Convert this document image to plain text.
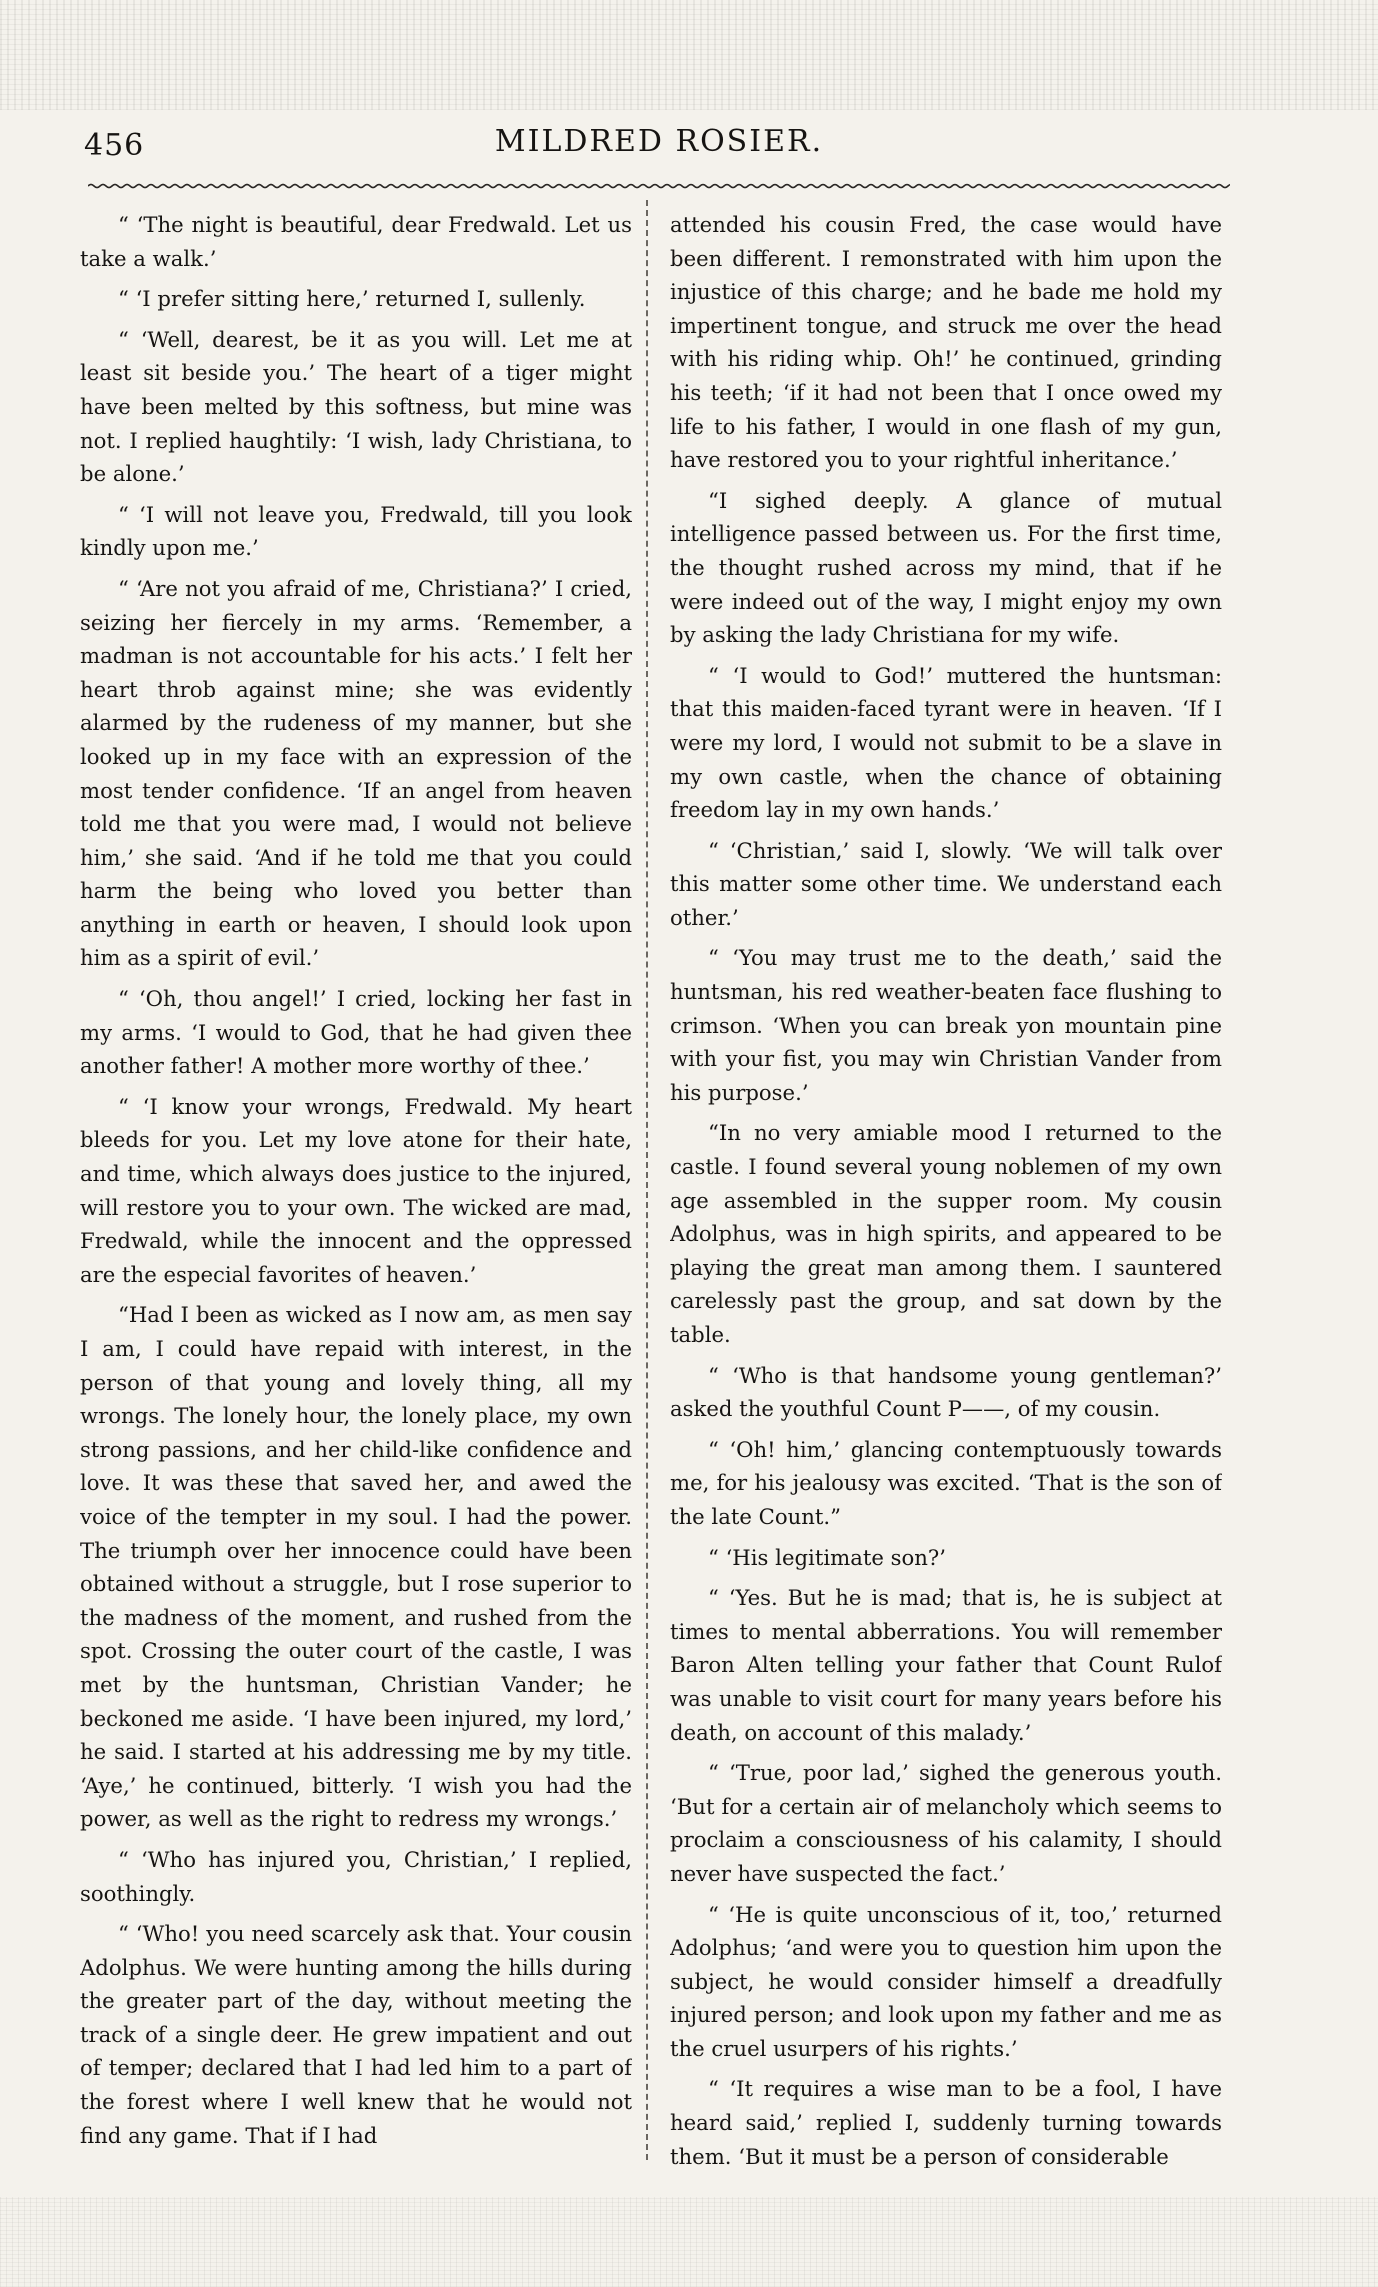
456	MILDRED ROSIER.

“ ‘The night is beautiful, dear Fredwald. Let us take a walk.’

“ ‘I prefer sitting here,’ returned I, sullenly.

“ ‘Well, dearest, be it as you will. Let me at least sit beside you.’ The heart of a tiger might have been melted by this softness, but mine was not. I replied haughtily: ‘I wish, lady Christiana, to be alone.’

“ ‘I will not leave you, Fredwald, till you look kindly upon me.’

“ ‘Are not you afraid of me, Christiana?’ I cried, seizing her fiercely in my arms. ‘Remember, a madman is not accountable for his acts.’ I felt her heart throb against mine; she was evidently alarmed by the rudeness of my manner, but she looked up in my face with an expression of the most tender confidence. ‘If an angel from heaven told me that you were mad, I would not believe him,’ she said. ‘And if he told me that you could harm the being who loved you better than anything in earth or heaven, I should look upon him as a spirit of evil.’

“ ‘Oh, thou angel!’ I cried, locking her fast in my arms. ‘I would to God, that he had given thee another father! A mother more worthy of thee.’

“ ‘I know your wrongs, Fredwald. My heart bleeds for you. Let my love atone for their hate, and time, which always does justice to the injured, will restore you to your own. The wicked are mad, Fredwald, while the innocent and the oppressed are the especial favorites of heaven.’

“Had I been as wicked as I now am, as men say I am, I could have repaid with interest, in the person of that young and lovely thing, all my wrongs. The lonely hour, the lonely place, my own strong passions, and her child-like confidence and love. It was these that saved her, and awed the voice of the tempter in my soul. I had the power. The triumph over her innocence could have been obtained without a struggle, but I rose superior to the madness of the moment, and rushed from the spot. Crossing the outer court of the castle, I was met by the huntsman, Christian Vander; he beckoned me aside. ‘I have been injured, my lord,’ he said. I started at his addressing me by my title. ‘Aye,’ he continued, bitterly. ‘I wish you had the power, as well as the right to redress my wrongs.’

“ ‘Who has injured you, Christian,’ I replied, soothingly.

“ ‘Who! you need scarcely ask that. Your cousin Adolphus. We were hunting among the hills during the greater part of the day, without meeting the track of a single deer. He grew impatient and out of temper; declared that I had led him to a part of the forest where I well knew that he would not find any game. That if I had

attended his cousin Fred, the case would have been different. I remonstrated with him upon the injustice of this charge; and he bade me hold my impertinent tongue, and struck me over the head with his riding whip. Oh!’ he continued, grinding his teeth; ‘if it had not been that I once owed my life to his father, I would in one flash of my gun, have restored you to your rightful inheritance.’

“I sighed deeply. A glance of mutual intelligence passed between us. For the first time, the thought rushed across my mind, that if he were indeed out of the way, I might enjoy my own by asking the lady Christiana for my wife.

“ ‘I would to God!’ muttered the huntsman: that this maiden-faced tyrant were in heaven. ‘If I were my lord, I would not submit to be a slave in my own castle, when the chance of obtaining freedom lay in my own hands.’

“ ‘Christian,’ said I, slowly. ‘We will talk over this matter some other time. We understand each other.’

“ ‘You may trust me to the death,’ said the huntsman, his red weather-beaten face flushing to crimson. ‘When you can break yon mountain pine with your fist, you may win Christian Vander from his purpose.’

“In no very amiable mood I returned to the castle. I found several young noblemen of my own age assembled in the supper room. My cousin Adolphus, was in high spirits, and appeared to be playing the great man among them. I sauntered carelessly past the group, and sat down by the table.

“ ‘Who is that handsome young gentleman?’ asked the youthful Count P——, of my cousin.

“ ‘Oh! him,’ glancing contemptuously towards me, for his jealousy was excited. ‘That is the son of the late Count.”

“ ‘His legitimate son?’

“ ‘Yes. But he is mad; that is, he is subject at times to mental abberrations. You will remember Baron Alten telling your father that Count Rulof was unable to visit court for many years before his death, on account of this malady.’

“ ‘True, poor lad,’ sighed the generous youth. ‘But for a certain air of melancholy which seems to proclaim a consciousness of his calamity, I should never have suspected the fact.’

“ ‘He is quite unconscious of it, too,’ returned Adolphus; ‘and were you to question him upon the subject, he would consider himself a dreadfully injured person; and look upon my father and me as the cruel usurpers of his rights.’

“ ‘It requires a wise man to be a fool, I have heard said,’ replied I, suddenly turning towards them. ‘But it must be a person of considerable
